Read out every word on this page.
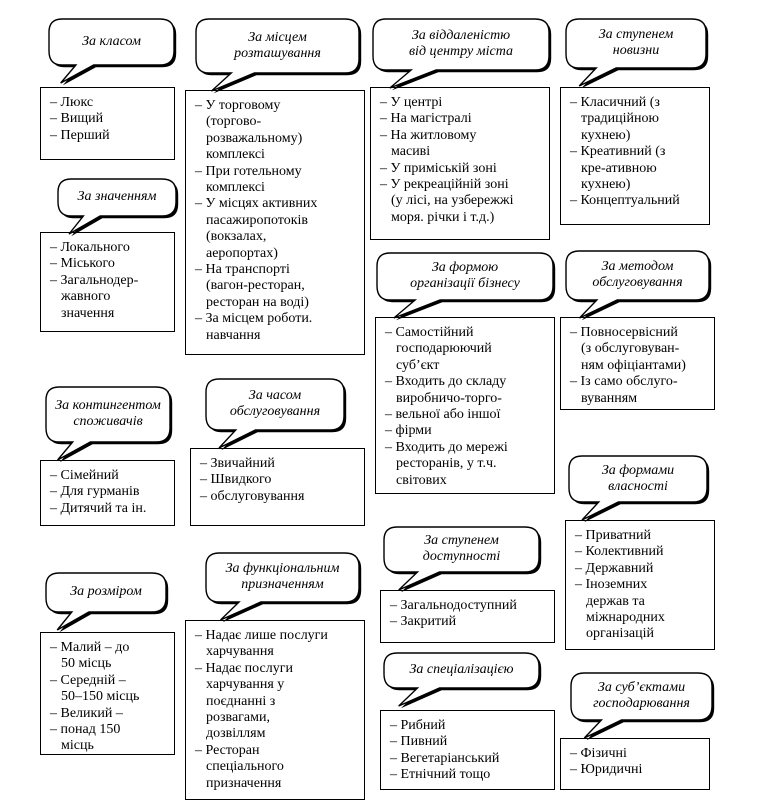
– Люкс
– Вищий
– Перший
– Локального
– Міського
– Загальнодер-
жавного
значення
– Сімейний
– Для гурманів
– Дитячий та ін.
– Малий – до
50 місць
– Середній –
50–150 місць
– Великий –
– понад 150
місць
– У торговому
(торгово-
розважальному)
комплексі
– При готельному
комплексі
– У місцях активних
пасажиропотоків
(вокзалах,
аеропортах)
– На транспорті
(вагон-ресторан,
ресторан на воді)
– За місцем роботи.
навчання
– Звичайний
– Швидкого
– обслуговування
– Надає лише послуги
харчування
– Надає послуги
харчування у
поєднанні з
розвагами,
дозвіллям
– Ресторан
спеціального
призначення
– У центрі
– На магістралі
– На житловому
масиві
– У приміській зоні
– У рекреаційній зоні
(у лісі, на узбережжі
моря. річки і т.д.)
– Самостійний
господарюючий
суб’єкт
– Входить до складу
виробничо-торго-
– вельної або іншої
– фірми
– Входить до мережі
ресторанів, у т.ч.
світових
– Загальнодоступний
– Закритий
– Рибний
– Пивний
– Вегетаріанський
– Етнічний тощо
– Класичний (з
традиційною
кухнею)
– Креативний (з
кре-ативною
кухнею)
– Концептуальний
– Повносервісний
(з обслуговуван-
ням офіціантами)
– Із само обслуго-
вуванням
– Приватний
– Колективний
– Державний
– Іноземних
держав та
міжнародних
організацій
– Фізичні
– Юридичні
За класом
За значенням
За контингентом
споживачів
За розміром
За місцем
розташування
За часом
обслуговування
За функціональним
призначенням
За віддаленістю
від центру міста
За формою
організації бізнесу
За ступенем
доступності
За спеціалізацією
За ступенем
новизни
За методом
обслуговування
За формами
власності
За суб’єктами
господарювання
